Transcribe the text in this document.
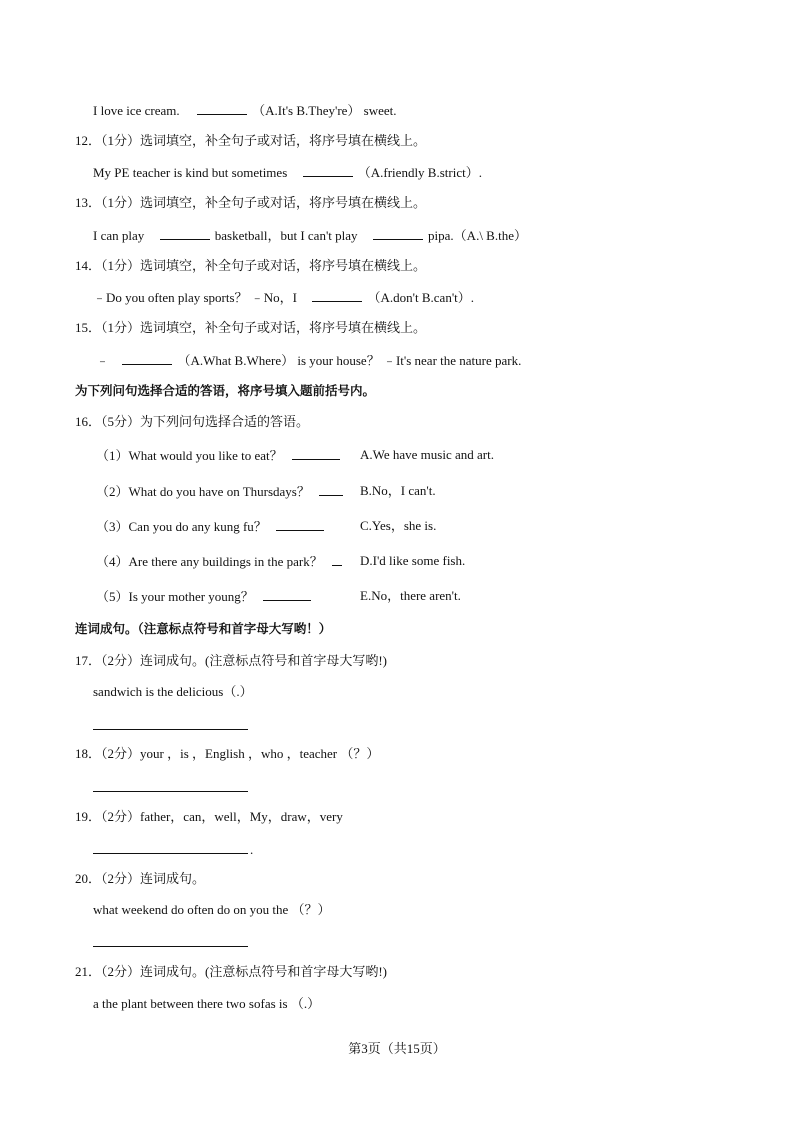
I love ice cream.	（A.It's B.They're） sweet.
12．（1分）选词填空，补全句子或对话，将序号填在横线上。
My PE teacher is kind but sometimes	（A.friendly B.strict）.
13．（1分）选词填空，补全句子或对话，将序号填在横线上。
I can play	basketball，but I can't play	pipa.（A.\ B.the）
14．（1分）选词填空，补全句子或对话，将序号填在横线上。
﹣Do you often play sports？ ﹣No，I	（A.don't B.can't）.
15．（1分）选词填空，补全句子或对话，将序号填在横线上。
﹣	（A.What B.Where） is your house？ ﹣It's near the nature park.
为下列问句选择合适的答语，将序号填入题前括号内。
16．（5分）为下列问句选择合适的答语。
（1）What would you like to eat？	A.We have music and art.
（2）What do you have on Thursdays？	B.No，I can't.
（3）Can you do any kung fu？	C.Yes，she is.
（4）Are there any buildings in the park？	D.I'd like some fish.
（5）Is your mother young？	E.No，there aren't.
连词成句。（注意标点符号和首字母大写哟！）
17．（2分）连词成句。(注意标点符号和首字母大写哟!)
sandwich is the delicious（.）
18．（2分）your ，is ，English ，who ，teacher （？）
19．（2分）father，can，well，My，draw，very
.
20．（2分）连词成句。
what weekend do often do on you the （？）
21．（2分）连词成句。(注意标点符号和首字母大写哟!)
a the plant between there two sofas is （.）
第3页（共15页）
